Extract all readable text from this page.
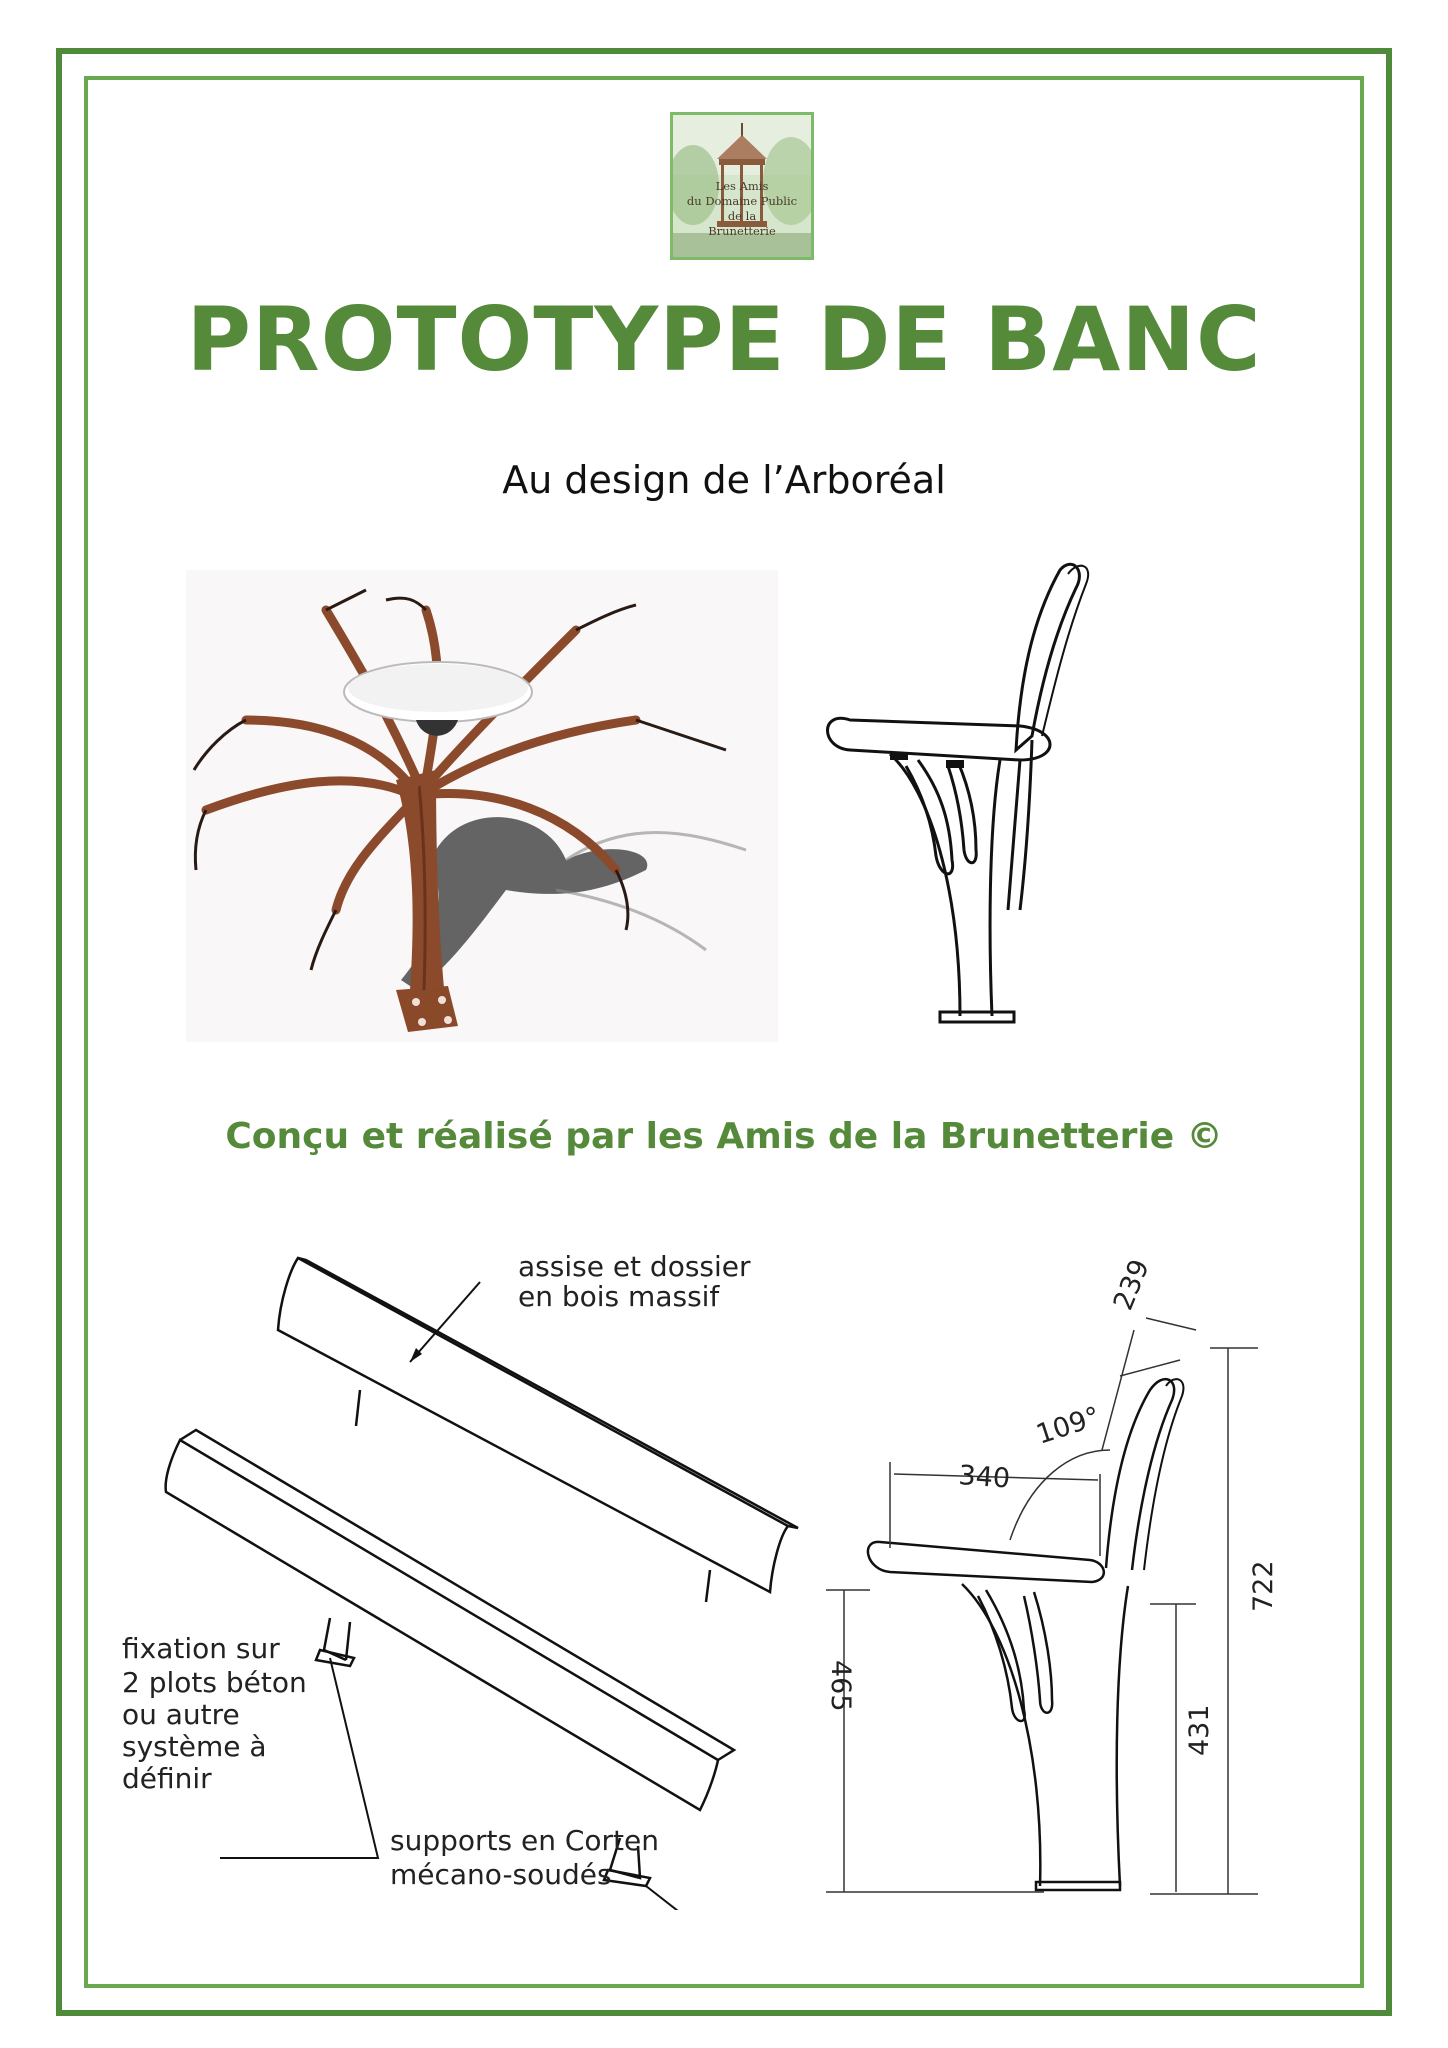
Les Amis
du Domaine Public
de la
Brunetterie
PROTOTYPE DE BANC
Au design de l’Arboréal
Conçu et réalisé par les Amis de la Brunetterie ©
assise et dossier
en bois massif
fixation sur
2 plots béton
ou autre
système à
définir
supports en Corten
mécano-soudés
239
109°
340
722
431
465
